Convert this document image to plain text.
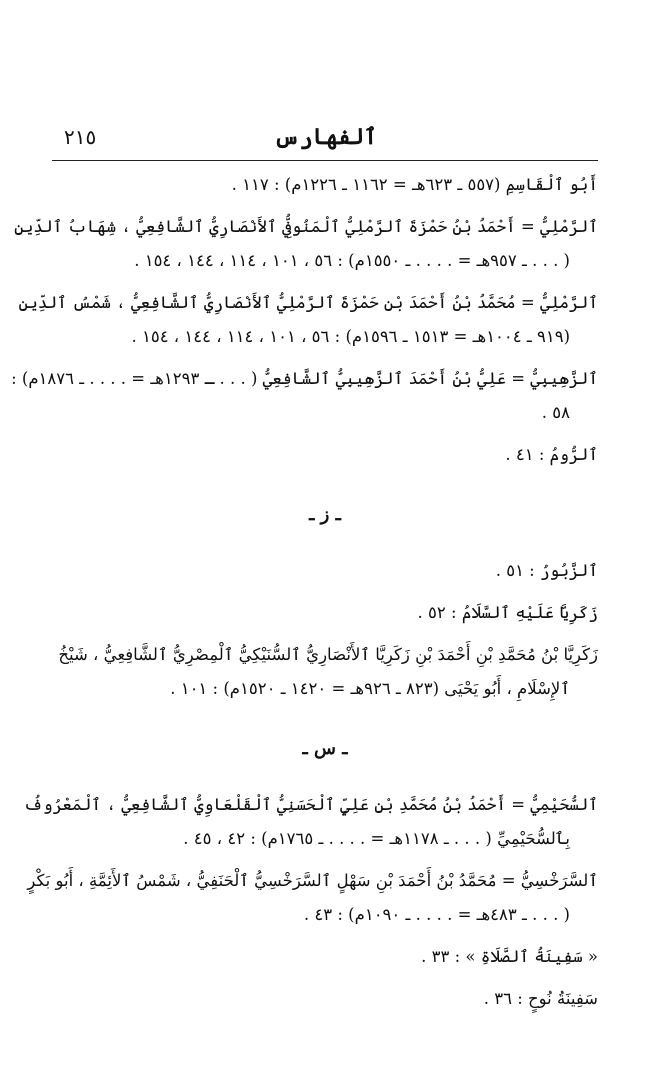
ٱلفهارس
٢١٥
أَبُو ٱلْقَاسِمِ (٥٥٧ ـ ٦٢٣هـ = ١١٦٢ ـ ١٢٢٦م) : ١١٧ .
ٱلرَّمْلِيُّ = أَحْمَدُ بْنُ حَمْزَةَ ٱلرَّمْلِيُّ ٱلْمَنُوفِيُّ ٱلأَنْصَارِيُّ ٱلشَّافِعِيُّ ، شِهَابُ ٱلدِّينِ
( . . . ـ ٩٥٧هـ = . . . . ـ ١٥٥٠م) : ٥٦ ، ١٠١ ، ١١٤ ، ١٤٤ ، ١٥٤ .
ٱلرَّمْلِيُّ = مُحَمَّدُ بْنُ أَحْمَدَ بْنِ حَمْزَةَ ٱلرَّمْلِيُّ ٱلأَنْصَارِيُّ ٱلشَّافِعِيُّ ، شَمْسُ ٱلدِّينِ
(٩١٩ ـ ١٠٠٤هـ = ١٥١٣ ـ ١٥٩٦م) : ٥٦ ، ١٠١ ، ١١٤ ، ١٤٤ ، ١٥٤ .
ٱلزَّهِيبِيُّ = عَلِيُّ بْنُ أَحْمَدَ ٱلزَّهِيبِيُّ ٱلشَّافِعِيُّ ( . . . ـ ١٢٩٣هـ = . . . . ـ ١٨٧٦م) :
٥٨ .
ٱلرُّومُ : ٤١ .
ـ ز ـ
ٱلزَّبُورُ : ٥١ .
زَكَرِيَّا عَلَيْهِ ٱلسَّلَامُ : ٥٢ .
زَكَرِيَّا بْنُ مُحَمَّدِ بْنِ أَحْمَدَ بْنِ زَكَرِيَّا ٱلأَنْصَارِيُّ ٱلسُّنَيْكِيُّ ٱلْمِصْرِيُّ ٱلشَّافِعِيُّ ، شَيْخُ
ٱلإِسْلَامِ ، أَبُو يَحْيَى (٨٢٣ ـ ٩٢٦هـ = ١٤٢٠ ـ ١٥٢٠م) : ١٠١ .
ـ س ـ
ٱلسُّحَيْمِيُّ = أَحْمَدُ بْنُ مُحَمَّدِ بْنِ عَلِيٍّ ٱلْحَسَنِيُّ ٱلْقَلْعَاوِيُّ ٱلشَّافِعِيُّ ، ٱلْمَعْرُوفُ
بِٱلسُّحَيْمِيِّ ( . . . ـ ١١٧٨هـ = . . . . ـ ١٧٦٥م) : ٤٢ ، ٤٥ .
ٱلسَّرَخْسِيُّ = مُحَمَّدُ بْنُ أَحْمَدَ بْنِ سَهْلٍ ٱلسَّرَخْسِيُّ ٱلْحَنَفِيُّ ، شَمْسُ ٱلأَئِمَّةِ ، أَبُو بَكْرٍ
( . . . ـ ٤٨٣هـ = . . . . ـ ١٠٩٠م) : ٤٣ .
« سَفِينَةُ ٱلصَّلَاةِ » : ٣٣ .
سَفِينَةُ نُوحٍ : ٣٦ .
